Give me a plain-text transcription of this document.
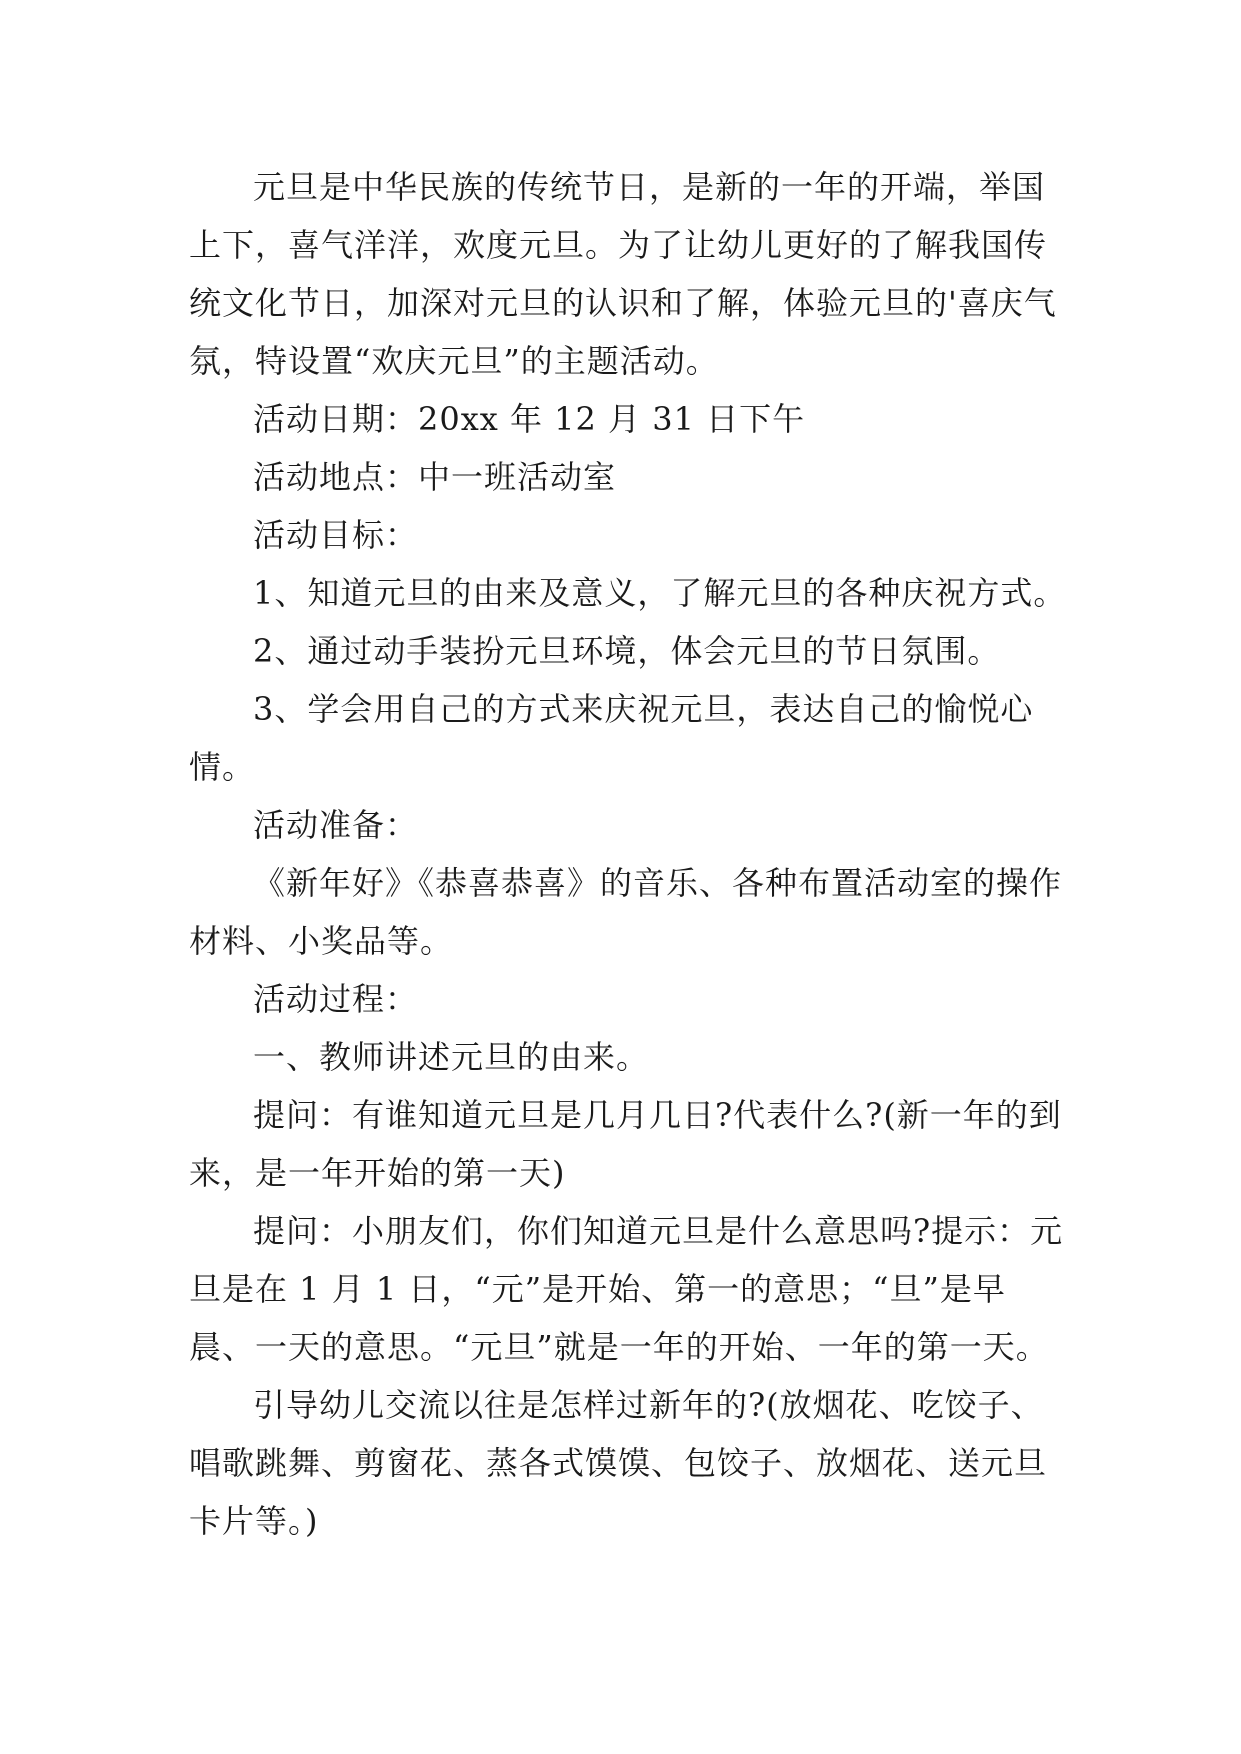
元旦是中华民族的传统节日，是新的一年的开端，举国上下，喜气洋洋，欢度元旦。为了让幼儿更好的了解我国传统文化节日，加深对元旦的认识和了解，体验元旦的'喜庆气氛，特设置“欢庆元旦”的主题活动。

活动日期：20xx 年 12 月 31 日下午

活动地点：中一班活动室

活动目标：

1、知道元旦的由来及意义，了解元旦的各种庆祝方式。

2、通过动手装扮元旦环境，体会元旦的节日氛围。

3、学会用自己的方式来庆祝元旦，表达自己的愉悦心情。

活动准备：

《新年好》《恭喜恭喜》的音乐、各种布置活动室的操作材料、小奖品等。

活动过程：

一、教师讲述元旦的由来。

提问：有谁知道元旦是几月几日?代表什么?(新一年的到来，是一年开始的第一天)

提问：小朋友们，你们知道元旦是什么意思吗?提示：元旦是在 1 月 1 日，“元”是开始、第一的意思；“旦”是早晨、一天的意思。“元旦”就是一年的开始、一年的第一天。

引导幼儿交流以往是怎样过新年的?(放烟花、吃饺子、唱歌跳舞、剪窗花、蒸各式馍馍、包饺子、放烟花、送元旦卡片等。)
